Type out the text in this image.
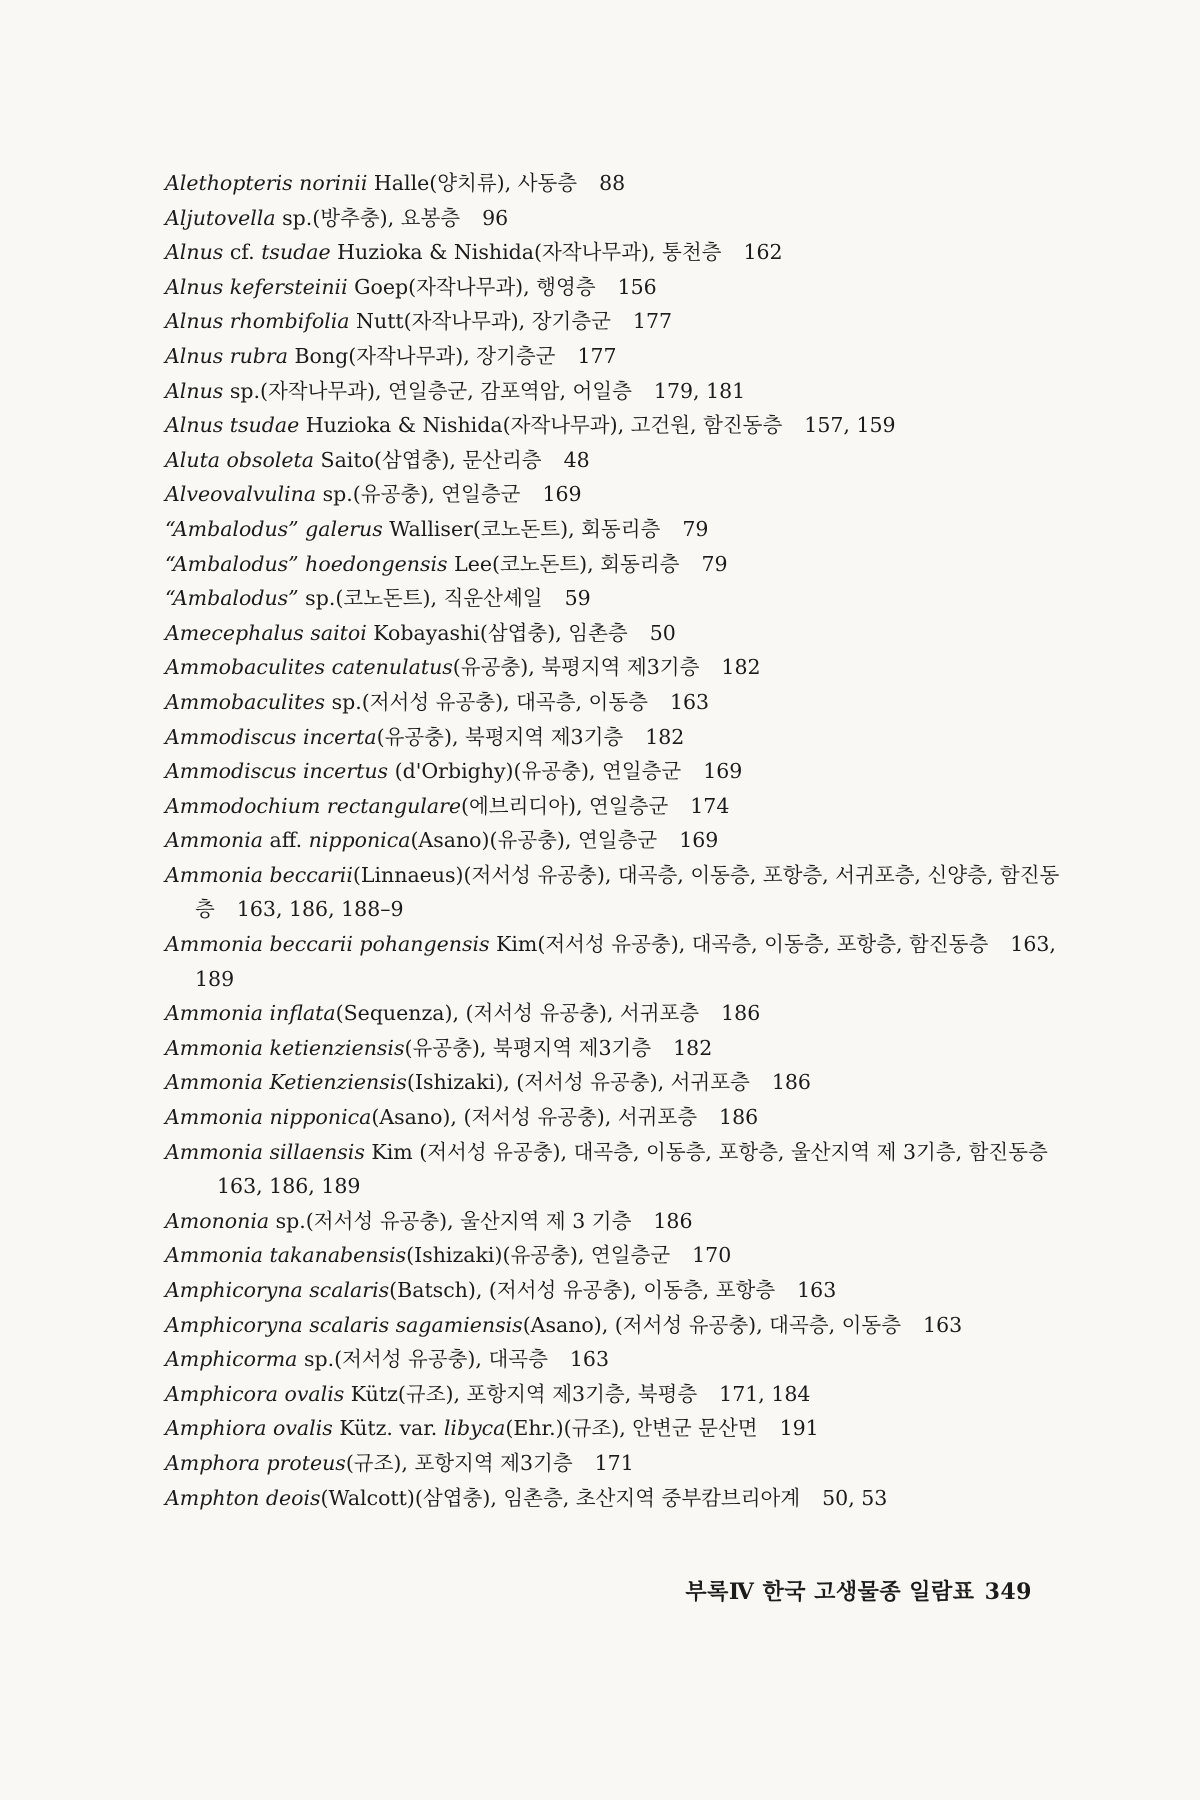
Alethopteris norinii Halle(양치류), 사동층 88
Aljutovella sp.(방추충), 요봉층 96
Alnus cf. tsudae Huzioka & Nishida(자작나무과), 통천층 162
Alnus kefersteinii Goep(자작나무과), 행영층 156
Alnus rhombifolia Nutt(자작나무과), 장기층군 177
Alnus rubra Bong(자작나무과), 장기층군 177
Alnus sp.(자작나무과), 연일층군, 감포역암, 어일층 179, 181
Alnus tsudae Huzioka & Nishida(자작나무과), 고건원, 함진동층 157, 159
Aluta obsoleta Saito(삼엽충), 문산리층 48
Alveovalvulina sp.(유공충), 연일층군 169
“Ambalodus” galerus Walliser(코노돈트), 회동리층 79
“Ambalodus” hoedongensis Lee(코노돈트), 회동리층 79
“Ambalodus” sp.(코노돈트), 직운산셰일 59
Amecephalus saitoi Kobayashi(삼엽충), 임촌층 50
Ammobaculites catenulatus(유공충), 북평지역 제3기층 182
Ammobaculites sp.(저서성 유공충), 대곡층, 이동층 163
Ammodiscus incerta(유공충), 북평지역 제3기층 182
Ammodiscus incertus (d'Orbighy)(유공충), 연일층군 169
Ammodochium rectangulare(에브리디아), 연일층군 174
Ammonia aff. nipponica(Asano)(유공충), 연일층군 169
Ammonia beccarii(Linnaeus)(저서성 유공충), 대곡층, 이동층, 포항층, 서귀포층, 신양층, 함진동층 163, 186, 188–9
Ammonia beccarii pohangensis Kim(저서성 유공충), 대곡층, 이동층, 포항층, 함진동층 163, 189
Ammonia inflata(Sequenza), (저서성 유공충), 서귀포층 186
Ammonia ketienziensis(유공충), 북평지역 제3기층 182
Ammonia Ketienziensis(Ishizaki), (저서성 유공충), 서귀포층 186
Ammonia nipponica(Asano), (저서성 유공충), 서귀포층 186
Ammonia sillaensis Kim (저서성 유공충), 대곡층, 이동층, 포항층, 울산지역 제 3기층, 함진동층163, 186, 189
Amononia sp.(저서성 유공충), 울산지역 제 3 기층 186
Ammonia takanabensis(Ishizaki)(유공충), 연일층군 170
Amphicoryna scalaris(Batsch), (저서성 유공충), 이동층, 포항층 163
Amphicoryna scalaris sagamiensis(Asano), (저서성 유공충), 대곡층, 이동층 163
Amphicorma sp.(저서성 유공충), 대곡층 163
Amphicora ovalis Kütz(규조), 포항지역 제3기층, 북평층 171, 184
Amphiora ovalis Kütz. var. libyca(Ehr.)(규조), 안변군 문산면 191
Amphora proteus(규조), 포항지역 제3기층 171
Amphton deois(Walcott)(삼엽충), 임촌층, 초산지역 중부캄브리아계 50, 53
부록Ⅳ 한국 고생물종 일람표 349
